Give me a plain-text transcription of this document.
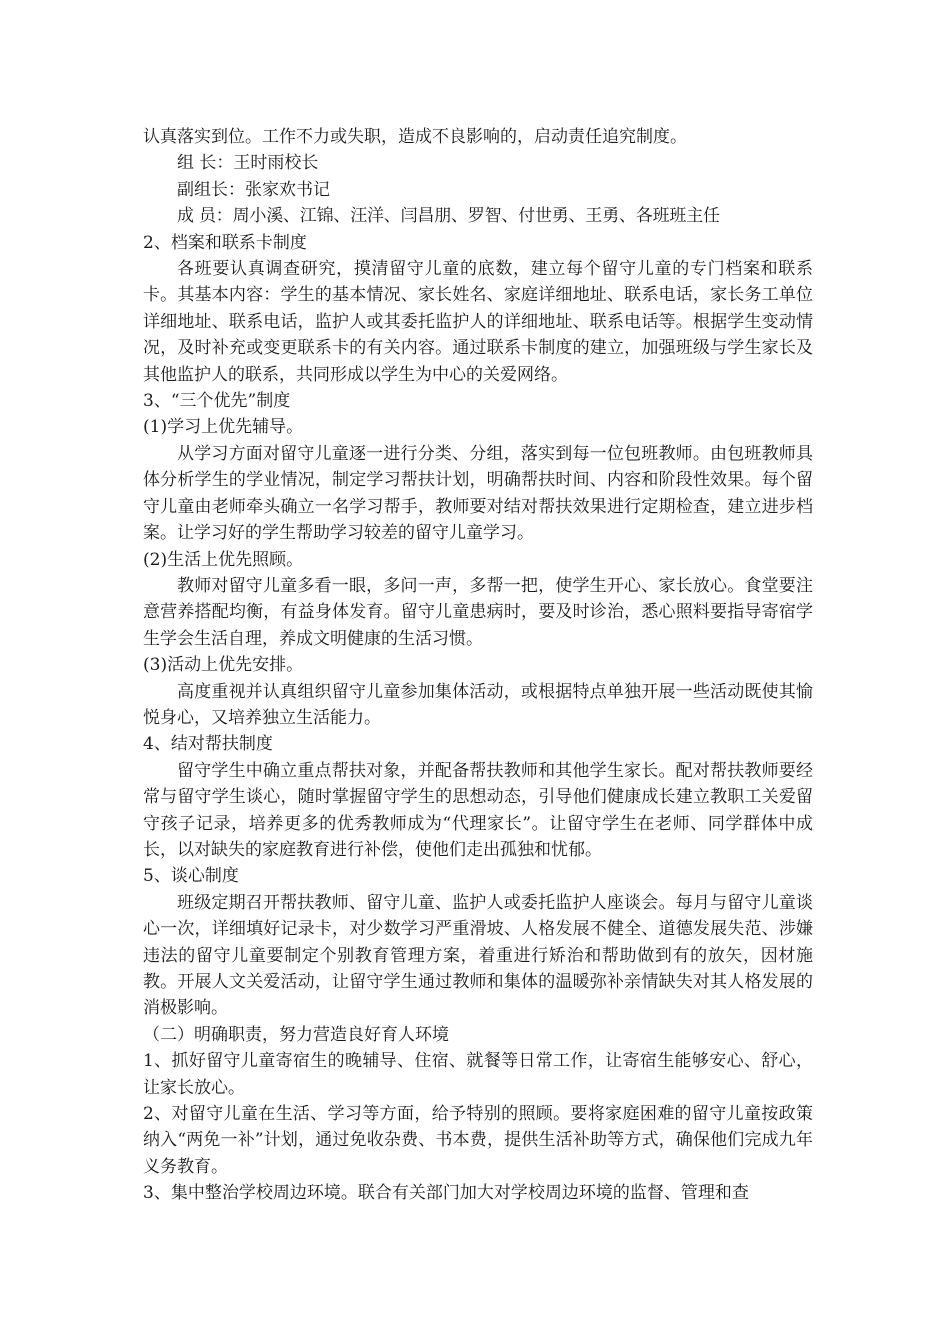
认真落实到位。工作不力或失职，造成不良影响的，启动责任追究制度。

组 长：王时雨校长

副组长：张家欢书记

成 员：周小溪、江锦、汪洋、闫昌朋、罗智、付世勇、王勇、各班班主任

2、档案和联系卡制度

各班要认真调查研究，摸清留守儿童的底数，建立每个留守儿童的专门档案和联系卡。其基本内容：学生的基本情况、家长姓名、家庭详细地址、联系电话，家长务工单位详细地址、联系电话，监护人或其委托监护人的详细地址、联系电话等。根据学生变动情况，及时补充或变更联系卡的有关内容。通过联系卡制度的建立，加强班级与学生家长及其他监护人的联系，共同形成以学生为中心的关爱网络。

3、“三个优先”制度

(1)学习上优先辅导。

从学习方面对留守儿童逐一进行分类、分组，落实到每一位包班教师。由包班教师具体分析学生的学业情况，制定学习帮扶计划，明确帮扶时间、内容和阶段性效果。每个留守儿童由老师牵头确立一名学习帮手，教师要对结对帮扶效果进行定期检查，建立进步档案。让学习好的学生帮助学习较差的留守儿童学习。

(2)生活上优先照顾。

教师对留守儿童多看一眼，多问一声，多帮一把，使学生开心、家长放心。食堂要注意营养搭配均衡，有益身体发育。留守儿童患病时，要及时诊治，悉心照料要指导寄宿学生学会生活自理，养成文明健康的生活习惯。

(3)活动上优先安排。

高度重视并认真组织留守儿童参加集体活动，或根据特点单独开展一些活动既使其愉悦身心，又培养独立生活能力。

4、结对帮扶制度

留守学生中确立重点帮扶对象，并配备帮扶教师和其他学生家长。配对帮扶教师要经常与留守学生谈心，随时掌握留守学生的思想动态，引导他们健康成长建立教职工关爱留守孩子记录，培养更多的优秀教师成为“代理家长”。让留守学生在老师、同学群体中成长，以对缺失的家庭教育进行补偿，使他们走出孤独和忧郁。

5、谈心制度

班级定期召开帮扶教师、留守儿童、监护人或委托监护人座谈会。每月与留守儿童谈心一次，详细填好记录卡，对少数学习严重滑坡、人格发展不健全、道德发展失范、涉嫌违法的留守儿童要制定个别教育管理方案，着重进行矫治和帮助做到有的放矢，因材施教。开展人文关爱活动，让留守学生通过教师和集体的温暖弥补亲情缺失对其人格发展的消极影响。

（二）明确职责，努力营造良好育人环境

1、抓好留守儿童寄宿生的晚辅导、住宿、就餐等日常工作，让寄宿生能够安心、舒心，让家长放心。

2、对留守儿童在生活、学习等方面，给予特别的照顾。要将家庭困难的留守儿童按政策纳入“两免一补”计划，通过免收杂费、书本费，提供生活补助等方式，确保他们完成九年义务教育。

3、集中整治学校周边环境。联合有关部门加大对学校周边环境的监督、管理和查
